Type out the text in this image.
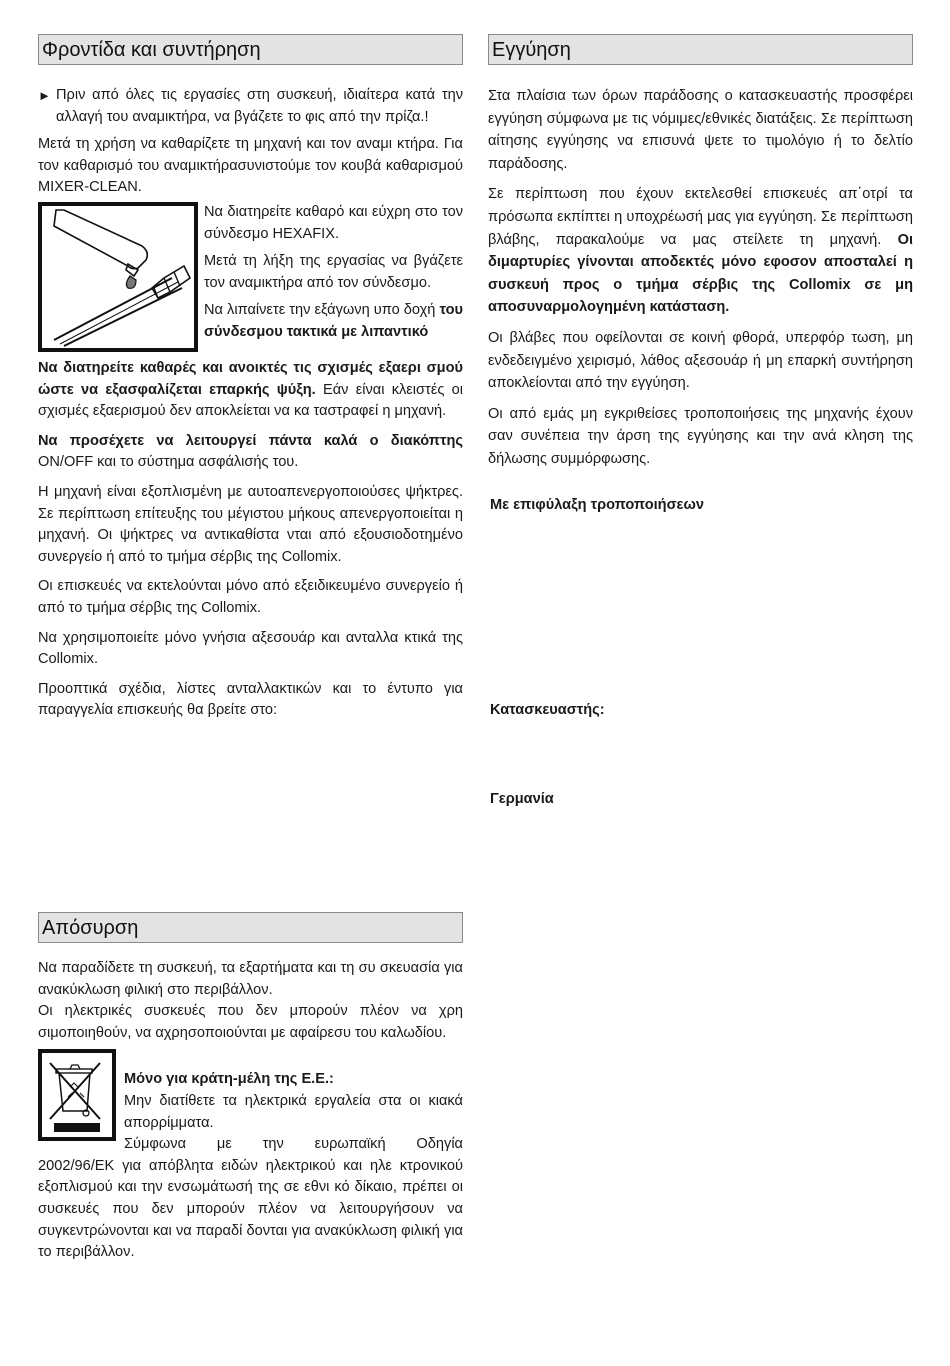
Φροντίδα και συντήρηση
► Πριν από όλες τις εργασίες στη συσκευή, ιδιαίτερα κατά την αλλαγή του αναμικτήρα, να βγάζετε το φις από την πρίζα.!

Μετά τη χρήση να καθαρίζετε τη μηχανή και τον αναμι κτήρα. Για τον καθαρισμό του αναμικτήρασυνιστούμε τον κουβά καθαρισμού MIXER-CLEAN.

Να διατηρείτε καθαρό και εύχρη στο τον σύνδεσμο HEXAFIX.

Μετά τη λήξη της εργασίας να βγάζετε τον αναμικτήρα από τον σύνδεσμο.

Να λιπαίνετε την εξάγωνη υπο δοχή του σύνδεσμου τακτικά με λιπαντικό

Να διατηρείτε καθαρές και ανοικτές τις σχισμές εξαερι σμού ώστε να εξασφαλίζεται επαρκής ψύξη. Εάν είναι κλειστές οι σχισμές εξαερισμού δεν αποκλείεται να κα ταστραφεί η μηχανή.

Να προσέχετε να λειτουργεί πάντα καλά ο διακόπτης ON/OFF και το σύστημα ασφάλισής του.

Η μηχανή είναι εξοπλισμένη με αυτοαπενεργοποιούσες ψήκτρες. Σε περίπτωση επίτευξης του μέγιστου μήκους απενεργοποιείται η μηχανή. Οι ψήκτρες να αντικαθίστα νται από εξουσιοδοτημένο συνεργείο ή από το τμήμα σέρβις της Collomix.

Οι επισκευές να εκτελούνται μόνο από εξειδικευμένο συνεργείο ή από το τμήμα σέρβις της Collomix.

Να χρησιμοποιείτε μόνο γνήσια αξεσουάρ και ανταλλα κτικά της Collomix.

Προοπτικά σχέδια, λίστες ανταλλακτικών και το έντυπο για παραγγελία επισκευής θα βρείτε στο:

Απόσυρση

Να παραδίδετε τη συσκευή, τα εξαρτήματα και τη συ σκευασία για ανακύκλωση φιλική στο περιβάλλον.

Οι ηλεκτρικές συσκευές που δεν μπορούν πλέον να χρη σιμοποιηθούν, να αχρησοποιούνται με αφαίρεσυ του καλωδίου.

Μόνο για κράτη-μέλη της Ε.Ε.:

Μην διατίθετε τα ηλεκτρικά εργαλεία στα οι κιακά απορρίμματα.

Σύμφωνα με την ευρωπαϊκή Οδηγία

2002/96/ΕΚ για απόβλητα ειδών ηλεκτρικού και ηλε κτρονικού εξοπλισμού και την ενσωμάτωσή της σε εθνι κό δίκαιο, πρέπει οι συσκευές που δεν μπορούν πλέον να λειτουργήσουν να συγκεντρώνονται και να παραδί δονται για ανακύκλωση φιλική για το περιβάλλον.

Εγγύηση

Στα πλαίσια των όρων παράδοσης ο κατασκευαστής προσφέρει εγγύηση σύμφωνα με τις νόμιμες/εθνικές διατάξεις. Σε περίπτωση αίτησης εγγύησης να επισυνά ψετε το τιμολόγιο ή το δελτίο παράδοσης.

Σε περίπτωση που έχουν εκτελεσθεί επισκευές απ΄οτρί τα πρόσωπα εκπίπτει η υποχρέωσή μας για εγγύηση. Σε περίπτωση βλάβης, παρακαλούμε να μας στείλετε τη μηχανή. Οι διμαρτυρίες γίνονται αποδεκτές μόνο εφοσον αποσταλεί η συσκευή προς ο τμήμα σέρβις της Collomix σε μη αποσυναρμολογημένη κατάσταση.

Οι βλάβες που οφείλονται σε κοινή φθορά, υπερφόρ τωση, μη ενδεδειγμένο χειρισμό, λάθος αξεσουάρ ή μη επαρκή συντήρηση αποκλείονται από την εγγύηση.

Οι από εμάς μη εγκριθείσες τροποποιήσεις της μηχανής έχουν σαν συνέπεια την άρση της εγγύησης και την ανά κληση της δήλωσης συμμόρφωσης.

Με επιφύλαξη τροποποιήσεων
Κατασκευαστής:
Γερμανία
